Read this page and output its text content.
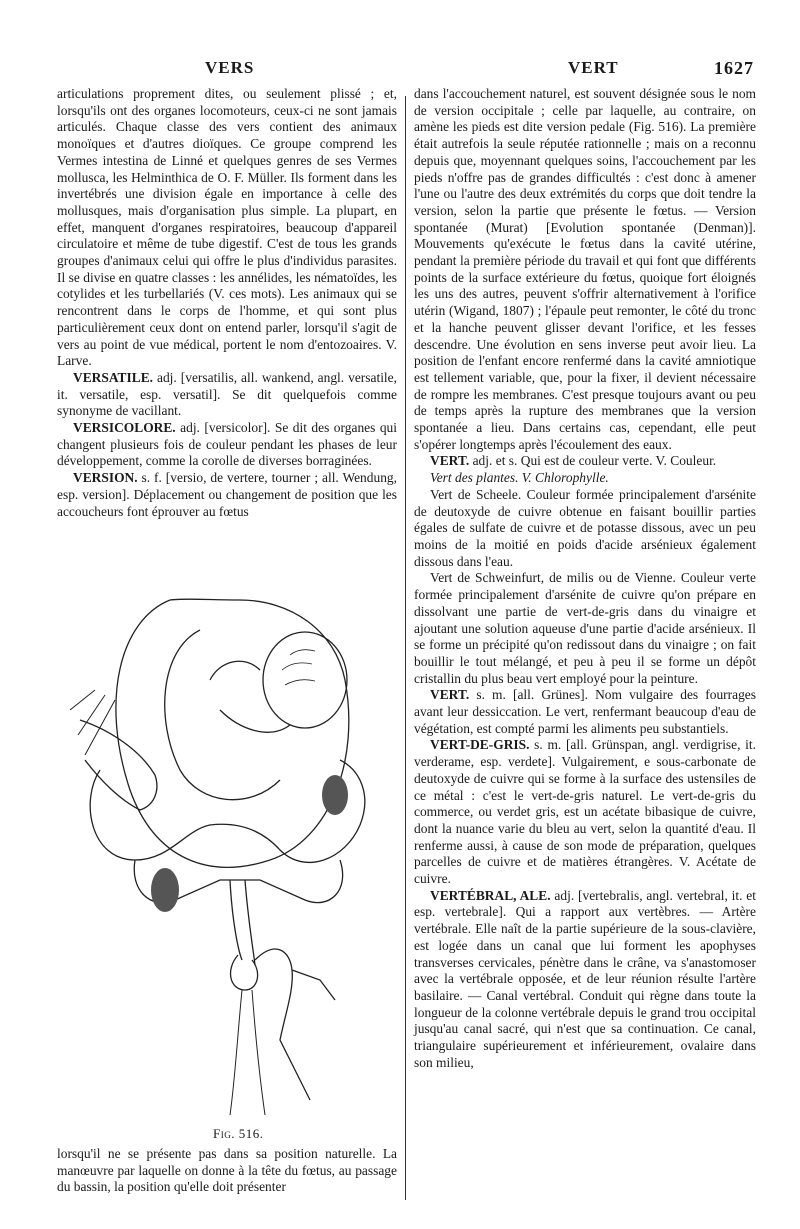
VERS	VERT	1627

articulations proprement dites, ou seulement plissé ; et, lorsqu'ils ont des organes locomoteurs, ceux-ci ne sont jamais articulés. Chaque classe des vers contient des animaux monoïques et d'autres dioïques. Ce groupe comprend les Vermes intestina de Linné et quelques genres de ses Vermes mollusca, les Helminthica de O. F. Müller. Ils forment dans les invertébrés une division égale en importance à celle des mollusques, mais d'organisation plus simple. La plupart, en effet, manquent d'organes respiratoires, beaucoup d'appareil circulatoire et même de tube digestif. C'est de tous les grands groupes d'animaux celui qui offre le plus d'individus parasites. Il se divise en quatre classes : les annélides, les nématoïdes, les cotylides et les turbellariés (V. ces mots). Les animaux qui se rencontrent dans le corps de l'homme, et qui sont plus particulièrement ceux dont on entend parler, lorsqu'il s'agit de vers au point de vue médical, portent le nom d'entozoaires. V. Larve.

VERSATILE. adj. [versatilis, all. wankend, angl. versatile, it. versatile, esp. versatil]. Se dit quelquefois comme synonyme de vacillant.

VERSICOLORE. adj. [versicolor]. Se dit des organes qui changent plusieurs fois de couleur pendant les phases de leur développement, comme la corolle de diverses borraginées.

VERSION. s. f. [versio, de vertere, tourner ; all. Wendung, esp. version]. Déplacement ou changement de position que les accoucheurs font éprouver au fœtus

Fig. 516.

lorsqu'il ne se présente pas dans sa position naturelle. La manœuvre par laquelle on donne à la tête du fœtus, au passage du bassin, la position qu'elle doit présenter

dans l'accouchement naturel, est souvent désignée sous le nom de version occipitale ; celle par laquelle, au contraire, on amène les pieds est dite version pedale (Fig. 516). La première était autrefois la seule réputée rationnelle ; mais on a reconnu depuis que, moyennant quelques soins, l'accouchement par les pieds n'offre pas de grandes difficultés : c'est donc à amener l'une ou l'autre des deux extrémités du corps que doit tendre la version, selon la partie que présente le fœtus. — Version spontanée (Murat) [Evolution spontanée (Denman)]. Mouvements qu'exécute le fœtus dans la cavité utérine, pendant la première période du travail et qui font que différents points de la surface extérieure du fœtus, quoique fort éloignés les uns des autres, peuvent s'offrir alternativement à l'orifice utérin (Wigand, 1807) ; l'épaule peut remonter, le côté du tronc et la hanche peuvent glisser devant l'orifice, et les fesses descendre. Une évolution en sens inverse peut avoir lieu. La position de l'enfant encore renfermé dans la cavité amniotique est tellement variable, que, pour la fixer, il devient nécessaire de rompre les membranes. C'est presque toujours avant ou peu de temps après la rupture des membranes que la version spontanée a lieu. Dans certains cas, cependant, elle peut s'opérer longtemps après l'écoulement des eaux.

VERT. adj. et s. Qui est de couleur verte. V. Couleur.

Vert des plantes. V. Chlorophylle.

Vert de Scheele. Couleur formée principalement d'arsénite de deutoxyde de cuivre obtenue en faisant bouillir parties égales de sulfate de cuivre et de potasse dissous, avec un peu moins de la moitié en poids d'acide arsénieux également dissous dans l'eau.

Vert de Schweinfurt, de milis ou de Vienne. Couleur verte formée principalement d'arsénite de cuivre qu'on prépare en dissolvant une partie de vert-de-gris dans du vinaigre et ajoutant une solution aqueuse d'une partie d'acide arsénieux. Il se forme un précipité qu'on redissout dans du vinaigre ; on fait bouillir le tout mélangé, et peu à peu il se forme un dépôt cristallin du plus beau vert employé pour la peinture.

VERT. s. m. [all. Grünes]. Nom vulgaire des fourrages avant leur dessiccation. Le vert, renfermant beaucoup d'eau de végétation, est compté parmi les aliments peu substantiels.

VERT-DE-GRIS. s. m. [all. Grünspan, angl. verdigrise, it. verderame, esp. verdete]. Vulgairement, e sous-carbonate de deutoxyde de cuivre qui se forme à la surface des ustensiles de ce métal : c'est le vert-de-gris naturel. Le vert-de-gris du commerce, ou verdet gris, est un acétate bibasique de cuivre, dont la nuance varie du bleu au vert, selon la quantité d'eau. Il renferme aussi, à cause de son mode de préparation, quelques parcelles de cuivre et de matières étrangères. V. Acétate de cuivre.

VERTÉBRAL, ALE. adj. [vertebralis, angl. vertebral, it. et esp. vertebrale]. Qui a rapport aux vertèbres. — Artère vertébrale. Elle naît de la partie supérieure de la sous-clavière, est logée dans un canal que lui forment les apophyses transverses cervicales, pénètre dans le crâne, va s'anastomoser avec la vertébrale opposée, et de leur réunion résulte l'artère basilaire. — Canal vertébral. Conduit qui règne dans toute la longueur de la colonne vertébrale depuis le grand trou occipital jusqu'au canal sacré, qui n'est que sa continuation. Ce canal, triangulaire supérieurement et inférieurement, ovalaire dans son milieu,
